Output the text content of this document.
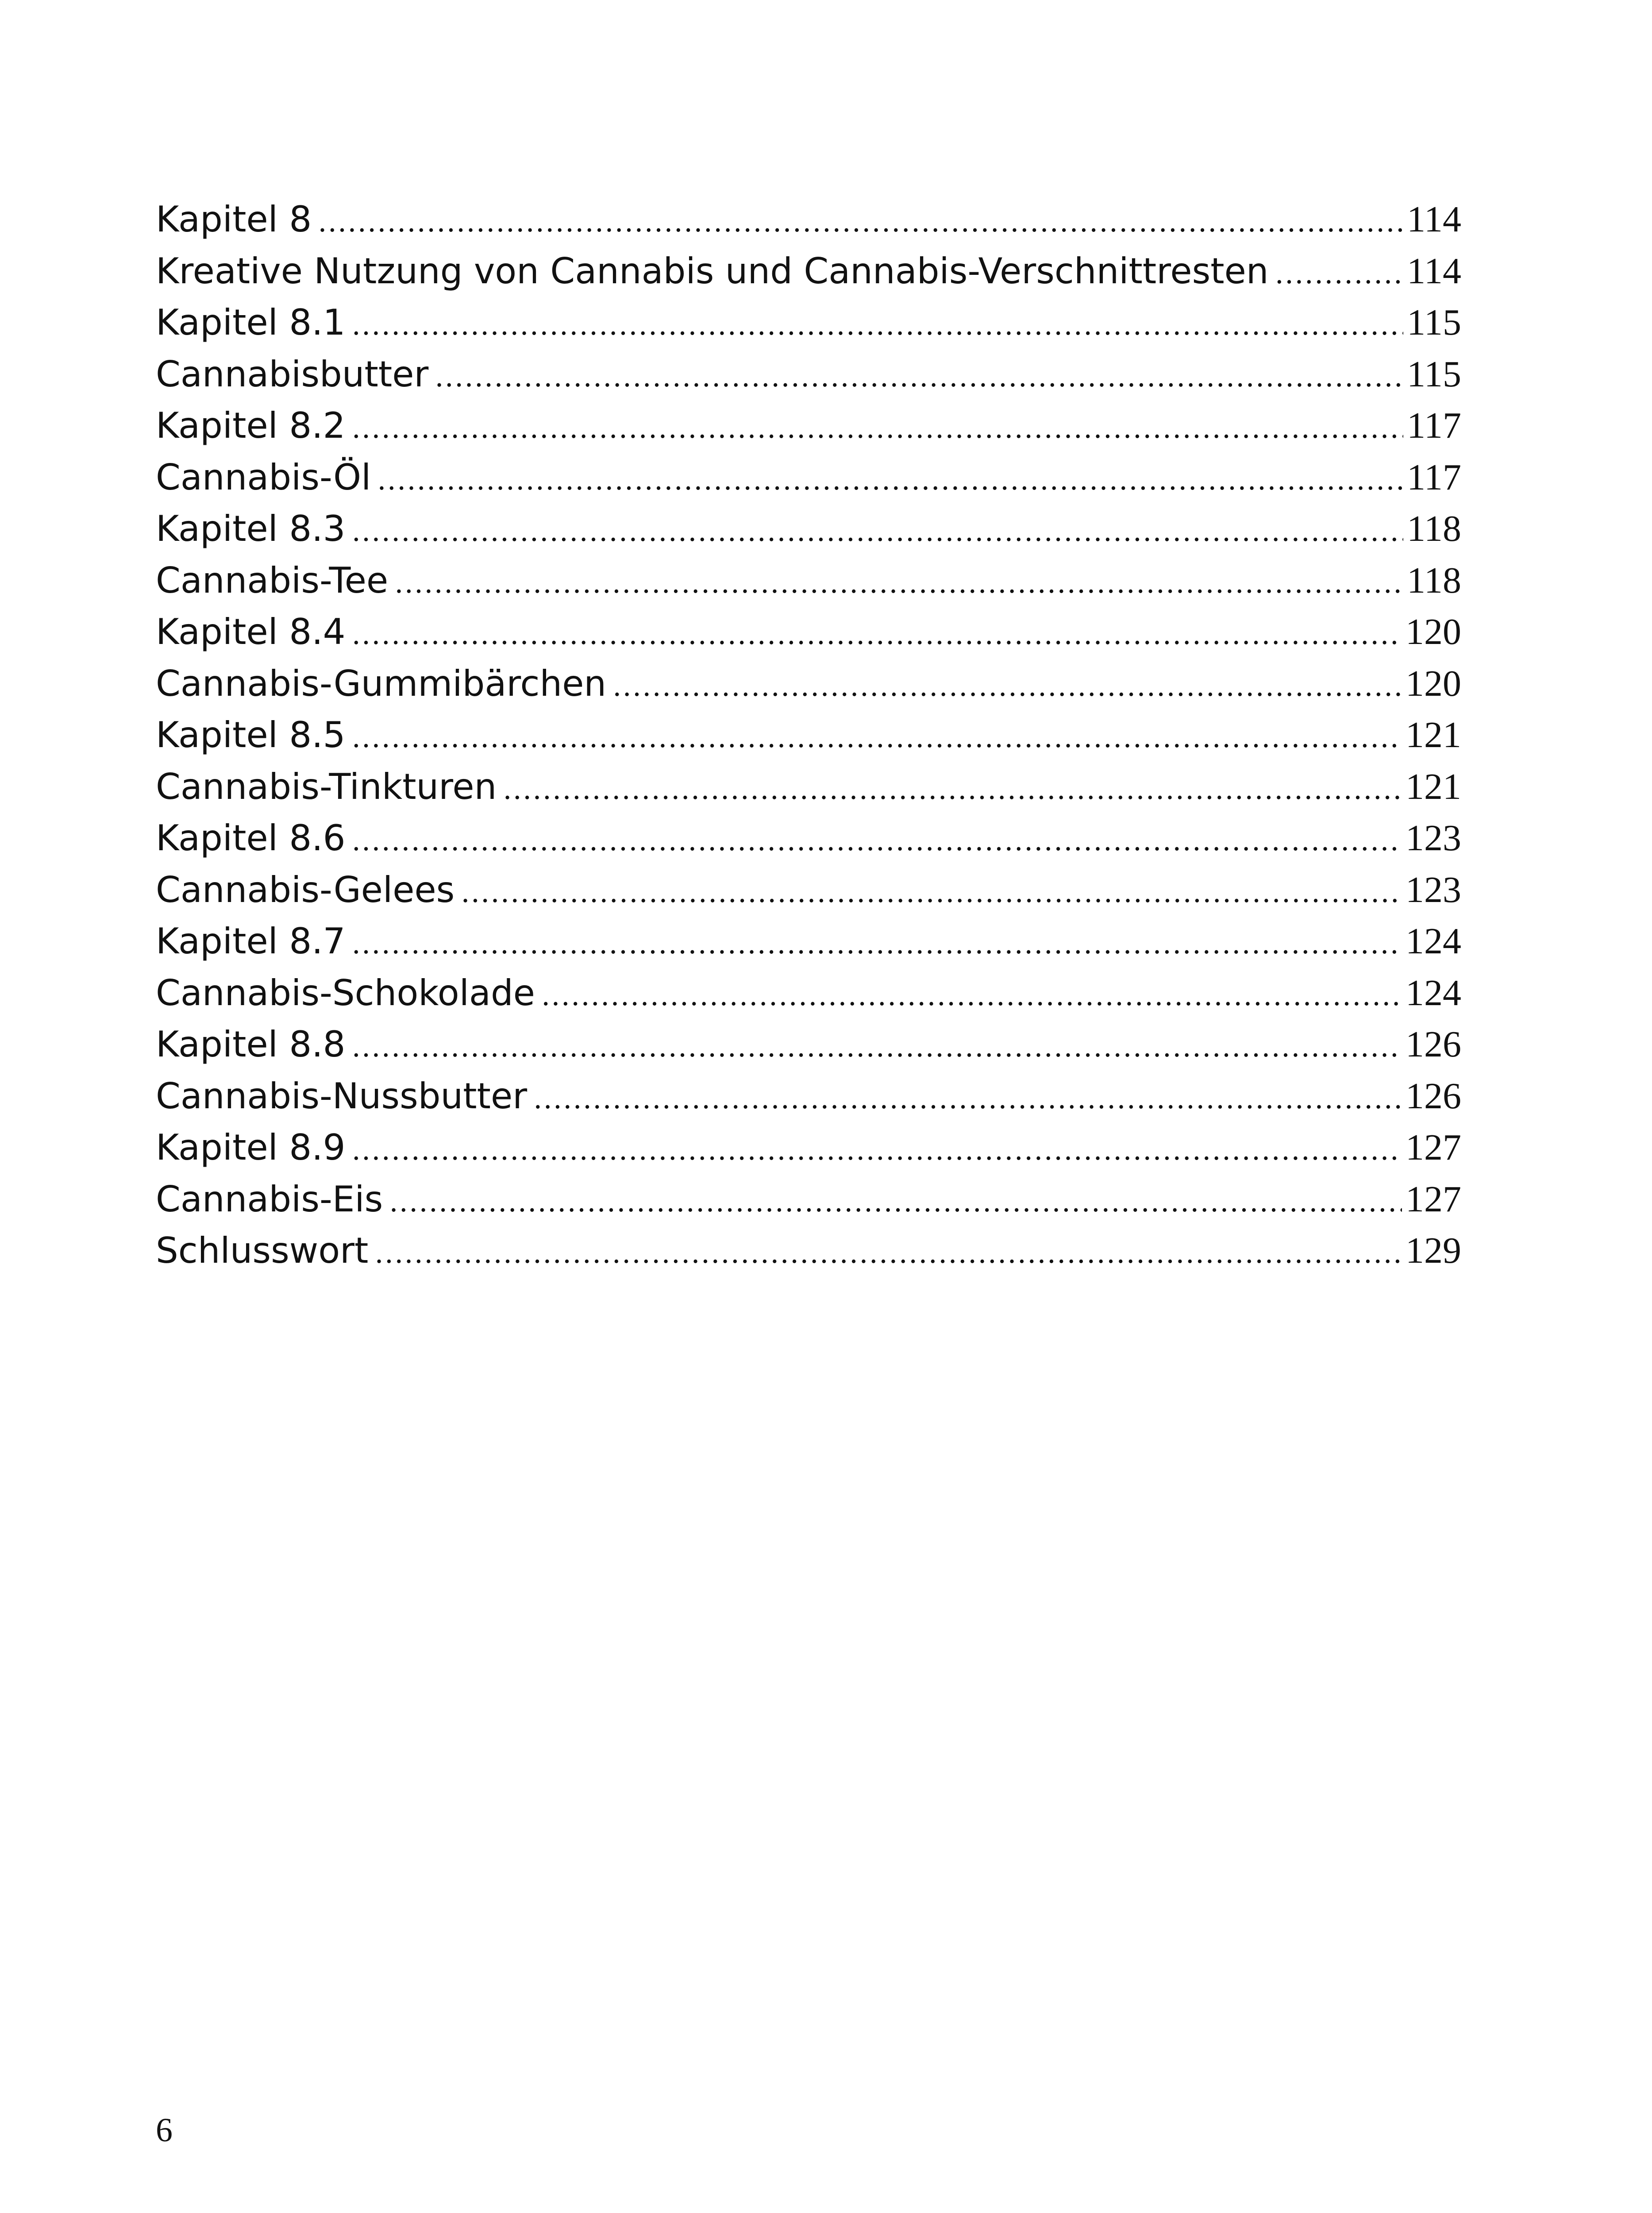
Kapitel 8 .....	114
Kreative Nutzung von Cannabis und Cannabis-Verschnittresten .....	114
Kapitel 8.1 .....	115
Cannabisbutter .....	115
Kapitel 8.2 .....	117
Cannabis-Öl .....	117
Kapitel 8.3 .....	118
Cannabis-Tee .....	118
Kapitel 8.4 .....	120
Cannabis-Gummibärchen .....	120
Kapitel 8.5 .....	121
Cannabis-Tinkturen .....	121
Kapitel 8.6 .....	123
Cannabis-Gelees .....	123
Kapitel 8.7 .....	124
Cannabis-Schokolade .....	124
Kapitel 8.8 .....	126
Cannabis-Nussbutter .....	126
Kapitel 8.9 .....	127
Cannabis-Eis .....	127
Schlusswort .....	129
6
